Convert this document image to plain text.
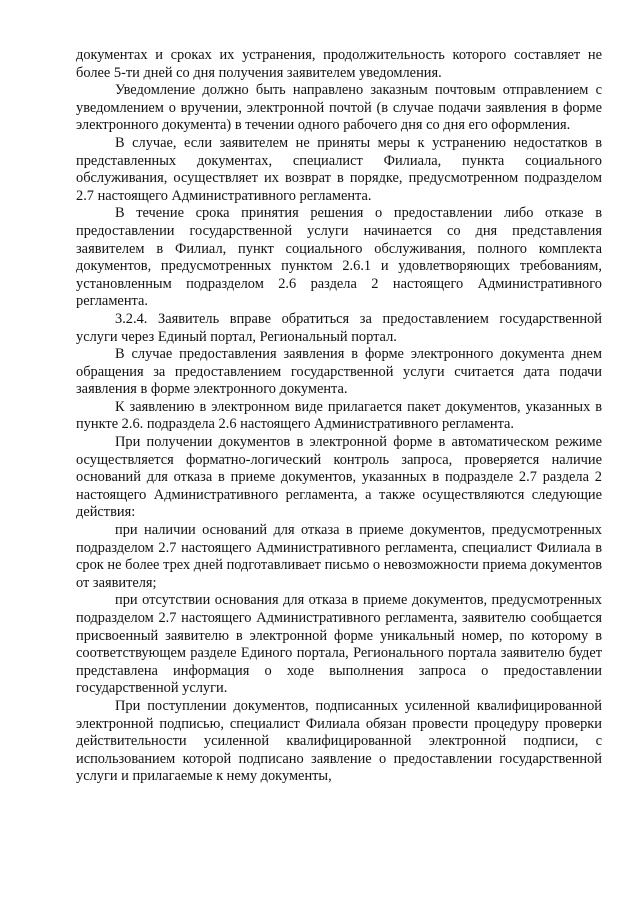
документах и сроках их устранения, продолжительность которого составляет не более 5-ти дней со дня получения заявителем уведомления.

Уведомление должно быть направлено заказным почтовым отправлением с уведомлением о вручении, электронной почтой (в случае подачи заявления в форме электронного документа) в течении одного рабочего дня со дня его оформления.

В случае, если заявителем не приняты меры к устранению недостатков в представленных документах, специалист Филиала, пункта социального обслуживания, осуществляет их возврат в порядке, предусмотренном подразделом 2.7 настоящего Административного регламента.

В течение срока принятия решения о предоставлении либо отказе в предоставлении государственной услуги начинается со дня представления заявителем в Филиал, пункт социального обслуживания, полного комплекта документов, предусмотренных пунктом 2.6.1 и удовлетворяющих требованиям, установленным подразделом 2.6 раздела 2 настоящего Административного регламента.

3.2.4. Заявитель вправе обратиться за предоставлением государственной услуги через Единый портал, Региональный портал.

В случае предоставления заявления в форме электронного документа днем обращения за предоставлением государственной услуги считается дата подачи заявления в форме электронного документа.

К заявлению в электронном виде прилагается пакет документов, указанных в пункте 2.6. подраздела 2.6 настоящего Административного регламента.

При получении документов в электронной форме в автоматическом режиме осуществляется форматно-логический контроль запроса, проверяется наличие оснований для отказа в приеме документов, указанных в подразделе 2.7 раздела 2 настоящего Административного регламента, а также осуществляются следующие действия:

при наличии оснований для отказа в приеме документов, предусмотренных подразделом 2.7 настоящего Административного регламента, специалист Филиала в срок не более трех дней подготавливает письмо о невозможности приема документов от заявителя;

при отсутствии основания для отказа в приеме документов, предусмотренных подразделом 2.7 настоящего Административного регламента, заявителю сообщается присвоенный заявителю в электронной форме уникальный номер, по которому в соответствующем разделе Единого портала, Регионального портала заявителю будет представлена информация о ходе выполнения запроса о предоставлении государственной услуги.

При поступлении документов, подписанных усиленной квалифицированной электронной подписью, специалист Филиала обязан провести процедуру проверки действительности усиленной квалифицированной электронной подписи, с использованием которой подписано заявление о предоставлении государственной услуги и прилагаемые к нему документы,
